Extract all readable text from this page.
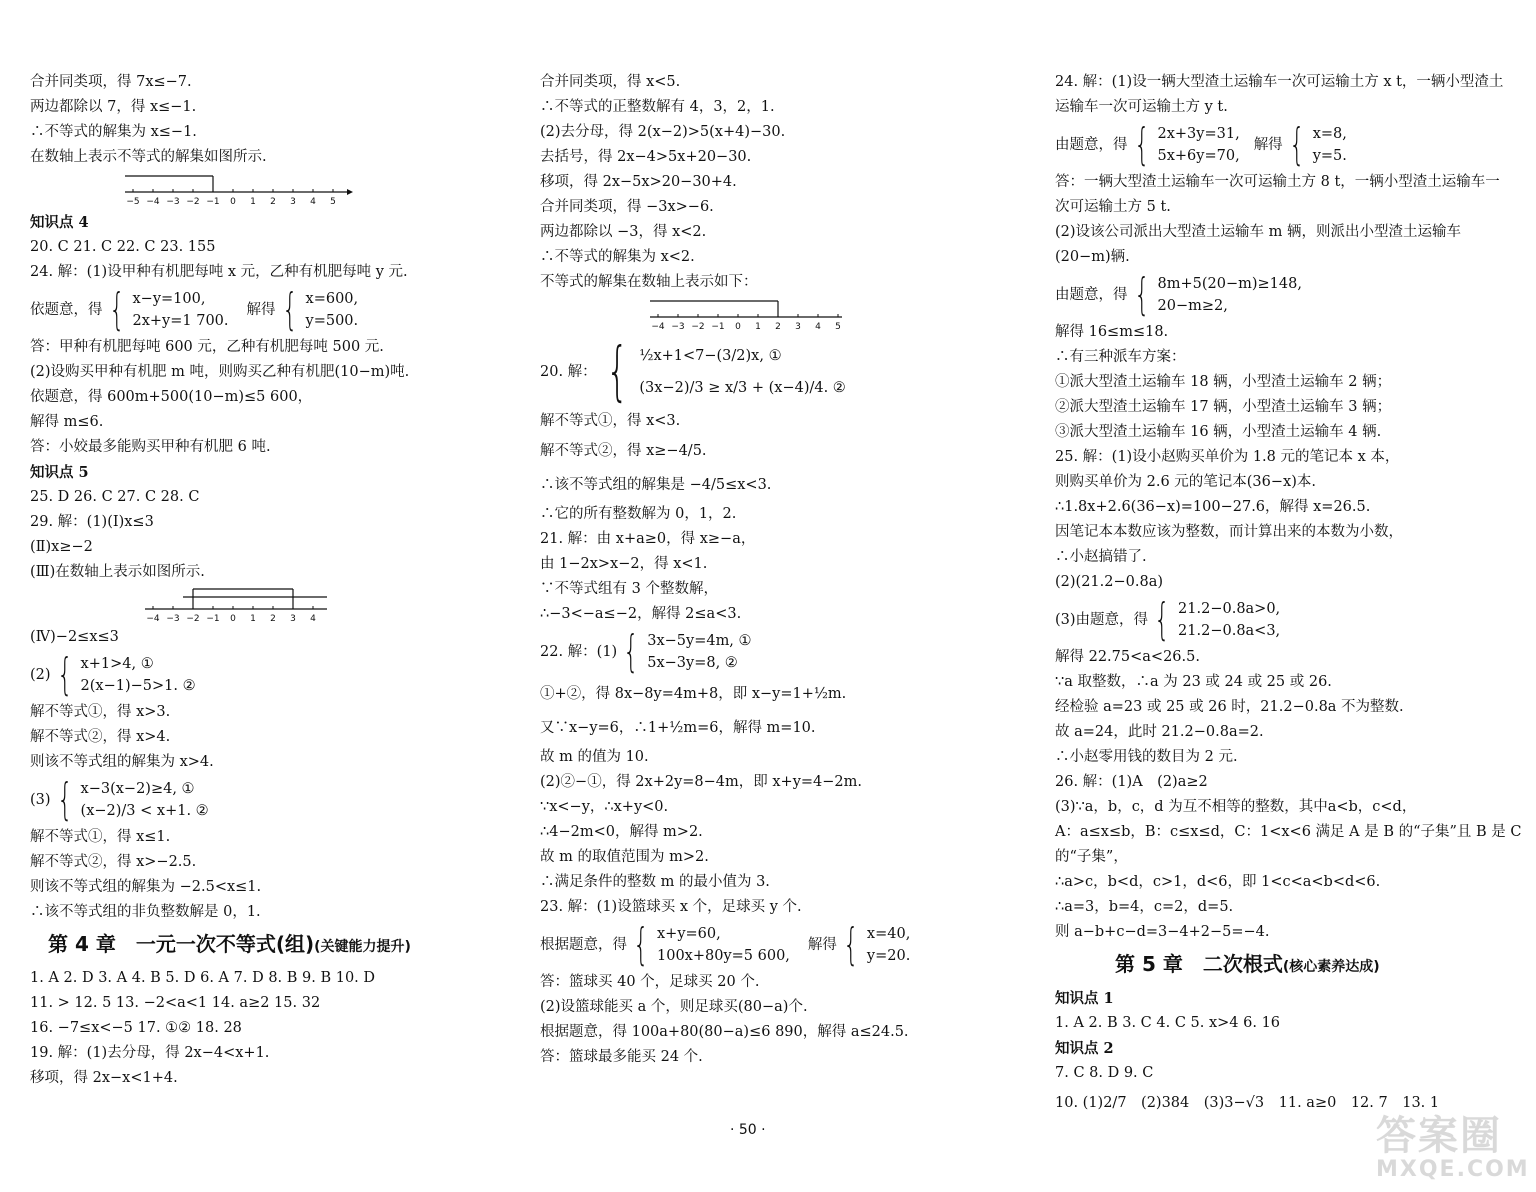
合并同类项，得 7x≤−7.
两边都除以 7，得 x≤−1.
∴不等式的解集为 x≤−1.
在数轴上表示不等式的解集如图所示.
−5 −4 −3 −2 −1 0 1 2 3 4 5
知识点 4
20. C 21. C 22. C 23. 155
24. 解：(1)设甲种有机肥每吨 x 元，乙种有机肥每吨 y 元.
依题意，得 { x−y=100,
2x+y=1 700.
解得 { x=600,
y=500.
答：甲种有机肥每吨 600 元，乙种有机肥每吨 500 元.
(2)设购买甲种有机肥 m 吨，则购买乙种有机肥(10−m)吨.
依题意，得 600m+500(10−m)≤5 600，
解得 m≤6.
答：小姣最多能购买甲种有机肥 6 吨.
知识点 5
25. D 26. C 27. C 28. C
29. 解：(1)(Ⅰ)x≤3
(Ⅱ)x≥−2
(Ⅲ)在数轴上表示如图所示.
−4 −3 −2 −1 0 1 2 3 4
(Ⅳ)−2≤x≤3
(2) { x+1>4, ①
2(x−1)−5>1. ②
解不等式①，得 x>3.
解不等式②，得 x>4.
则该不等式组的解集为 x>4.
(3) { x−3(x−2)≥4, ①
(x−2)/3 < x+1. ②
解不等式①，得 x≤1.
解不等式②，得 x>−2.5.
则该不等式组的解集为 −2.5<x≤1.
∴该不等式组的非负整数解是 0，1.
第 4 章　一元一次不等式(组)(关键能力提升)
1. A 2. D 3. A 4. B 5. D 6. A 7. D 8. B 9. B 10. D
11. > 12. 5 13. −2<a<1 14. a≥2 15. 32
16. −7≤x<−5 17. ①② 18. 28
19. 解：(1)去分母，得 2x−4<x+1.
移项，得 2x−x<1+4.
合并同类项，得 x<5.
∴不等式的正整数解有 4，3，2，1.
(2)去分母，得 2(x−2)>5(x+4)−30.
去括号，得 2x−4>5x+20−30.
移项，得 2x−5x>20−30+4.
合并同类项，得 −3x>−6.
两边都除以 −3，得 x<2.
∴不等式的解集为 x<2.
不等式的解集在数轴上表示如下：
−4 −3 −2 −1 0 1 2 3 4 5
20. 解： { ½x+1<7−(3/2)x, ①
(3x−2)/3 ≥ x/3 + (x−4)/4. ②
解不等式①，得 x<3.
解不等式②，得 x≥−4/5.
∴该不等式组的解集是 −4/5≤x<3.
∴它的所有整数解为 0，1，2.
21. 解：由 x+a≥0，得 x≥−a，
由 1−2x>x−2，得 x<1.
∵不等式组有 3 个整数解，
∴−3<−a≤−2，解得 2≤a<3.
22. 解：(1) { 3x−5y=4m, ①
5x−3y=8, ②
①+②，得 8x−8y=4m+8，即 x−y=1+½m.
又∵x−y=6，∴1+½m=6，解得 m=10.
故 m 的值为 10.
(2)②−①，得 2x+2y=8−4m，即 x+y=4−2m.
∵x<−y，∴x+y<0.
∴4−2m<0，解得 m>2.
故 m 的取值范围为 m>2.
∴满足条件的整数 m 的最小值为 3.
23. 解：(1)设篮球买 x 个，足球买 y 个.
根据题意，得 { x+y=60,
100x+80y=5 600,
解得 { x=40,
y=20.
答：篮球买 40 个，足球买 20 个.
(2)设篮球能买 a 个，则足球买(80−a)个.
根据题意，得 100a+80(80−a)≤6 890，解得 a≤24.5.
答：篮球最多能买 24 个.
24. 解：(1)设一辆大型渣土运输车一次可运输土方 x t，一辆小型渣土
运输车一次可运输土方 y t.
由题意，得 { 2x+3y=31,
5x+6y=70,
解得 { x=8,
y=5.
答：一辆大型渣土运输车一次可运输土方 8 t，一辆小型渣土运输车一
次可运输土方 5 t.
(2)设该公司派出大型渣土运输车 m 辆，则派出小型渣土运输车
(20−m)辆.
由题意，得 { 8m+5(20−m)≥148,
20−m≥2,
解得 16≤m≤18.
∴有三种派车方案：
①派大型渣土运输车 18 辆，小型渣土运输车 2 辆；
②派大型渣土运输车 17 辆，小型渣土运输车 3 辆；
③派大型渣土运输车 16 辆，小型渣土运输车 4 辆.
25. 解：(1)设小赵购买单价为 1.8 元的笔记本 x 本，
则购买单价为 2.6 元的笔记本(36−x)本.
∴1.8x+2.6(36−x)=100−27.6，解得 x=26.5.
因笔记本本数应该为整数，而计算出来的本数为小数，
∴小赵搞错了.
(2)(21.2−0.8a)
(3)由题意，得 { 21.2−0.8a>0,
21.2−0.8a<3,
解得 22.75<a<26.5.
∵a 取整数，∴a 为 23 或 24 或 25 或 26.
经检验 a=23 或 25 或 26 时，21.2−0.8a 不为整数.
故 a=24，此时 21.2−0.8a=2.
∴小赵零用钱的数目为 2 元.
26. 解：(1)A　(2)a≥2
(3)∵a，b，c，d 为互不相等的整数，其中a<b，c<d，
A：a≤x≤b，B：c≤x≤d，C：1<x<6 满足 A 是 B 的“子集”且 B 是 C
的“子集”，
∴a>c，b<d，c>1，d<6，即 1<c<a<b<d<6.
∴a=3，b=4，c=2，d=5.
则 a−b+c−d=3−4+2−5=−4.
第 5 章　二次根式(核心素养达成)
知识点 1
1. A 2. B 3. C 4. C 5. x>4 6. 16
知识点 2
7. C 8. D 9. C
10. (1)2/7　(2)384　(3)3−√3　11. a≥0　12. 7　13. 1
· 50 ·	答案圈
MXQE.COM
